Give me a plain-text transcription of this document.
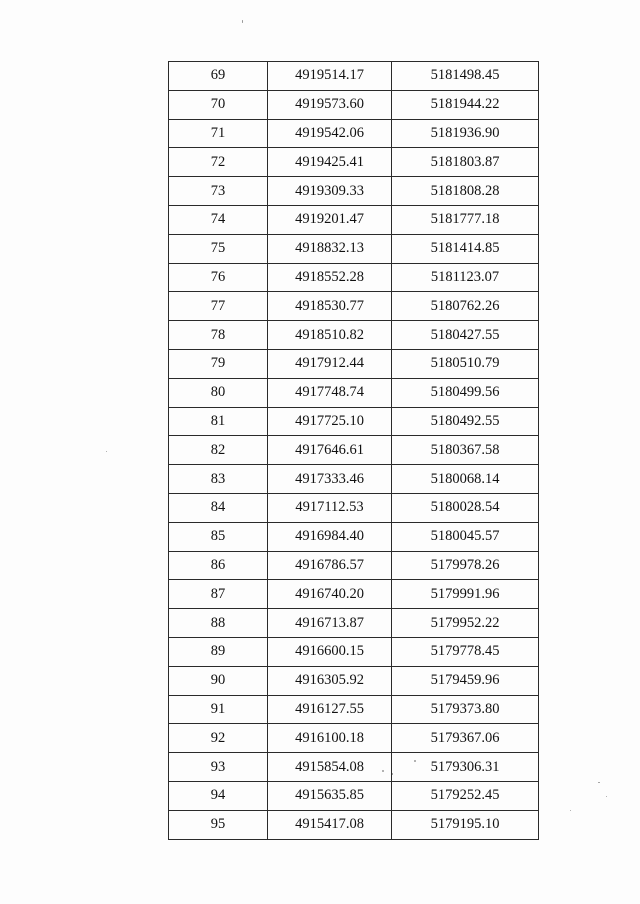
69	4919514.17	5181498.45
70	4919573.60	5181944.22
71	4919542.06	5181936.90
72	4919425.41	5181803.87
73	4919309.33	5181808.28
74	4919201.47	5181777.18
75	4918832.13	5181414.85
76	4918552.28	5181123.07
77	4918530.77	5180762.26
78	4918510.82	5180427.55
79	4917912.44	5180510.79
80	4917748.74	5180499.56
81	4917725.10	5180492.55
82	4917646.61	5180367.58
83	4917333.46	5180068.14
84	4917112.53	5180028.54
85	4916984.40	5180045.57
86	4916786.57	5179978.26
87	4916740.20	5179991.96
88	4916713.87	5179952.22
89	4916600.15	5179778.45
90	4916305.92	5179459.96
91	4916127.55	5179373.80
92	4916100.18	5179367.06
93	4915854.08	5179306.31
94	4915635.85	5179252.45
95	4915417.08	5179195.10
